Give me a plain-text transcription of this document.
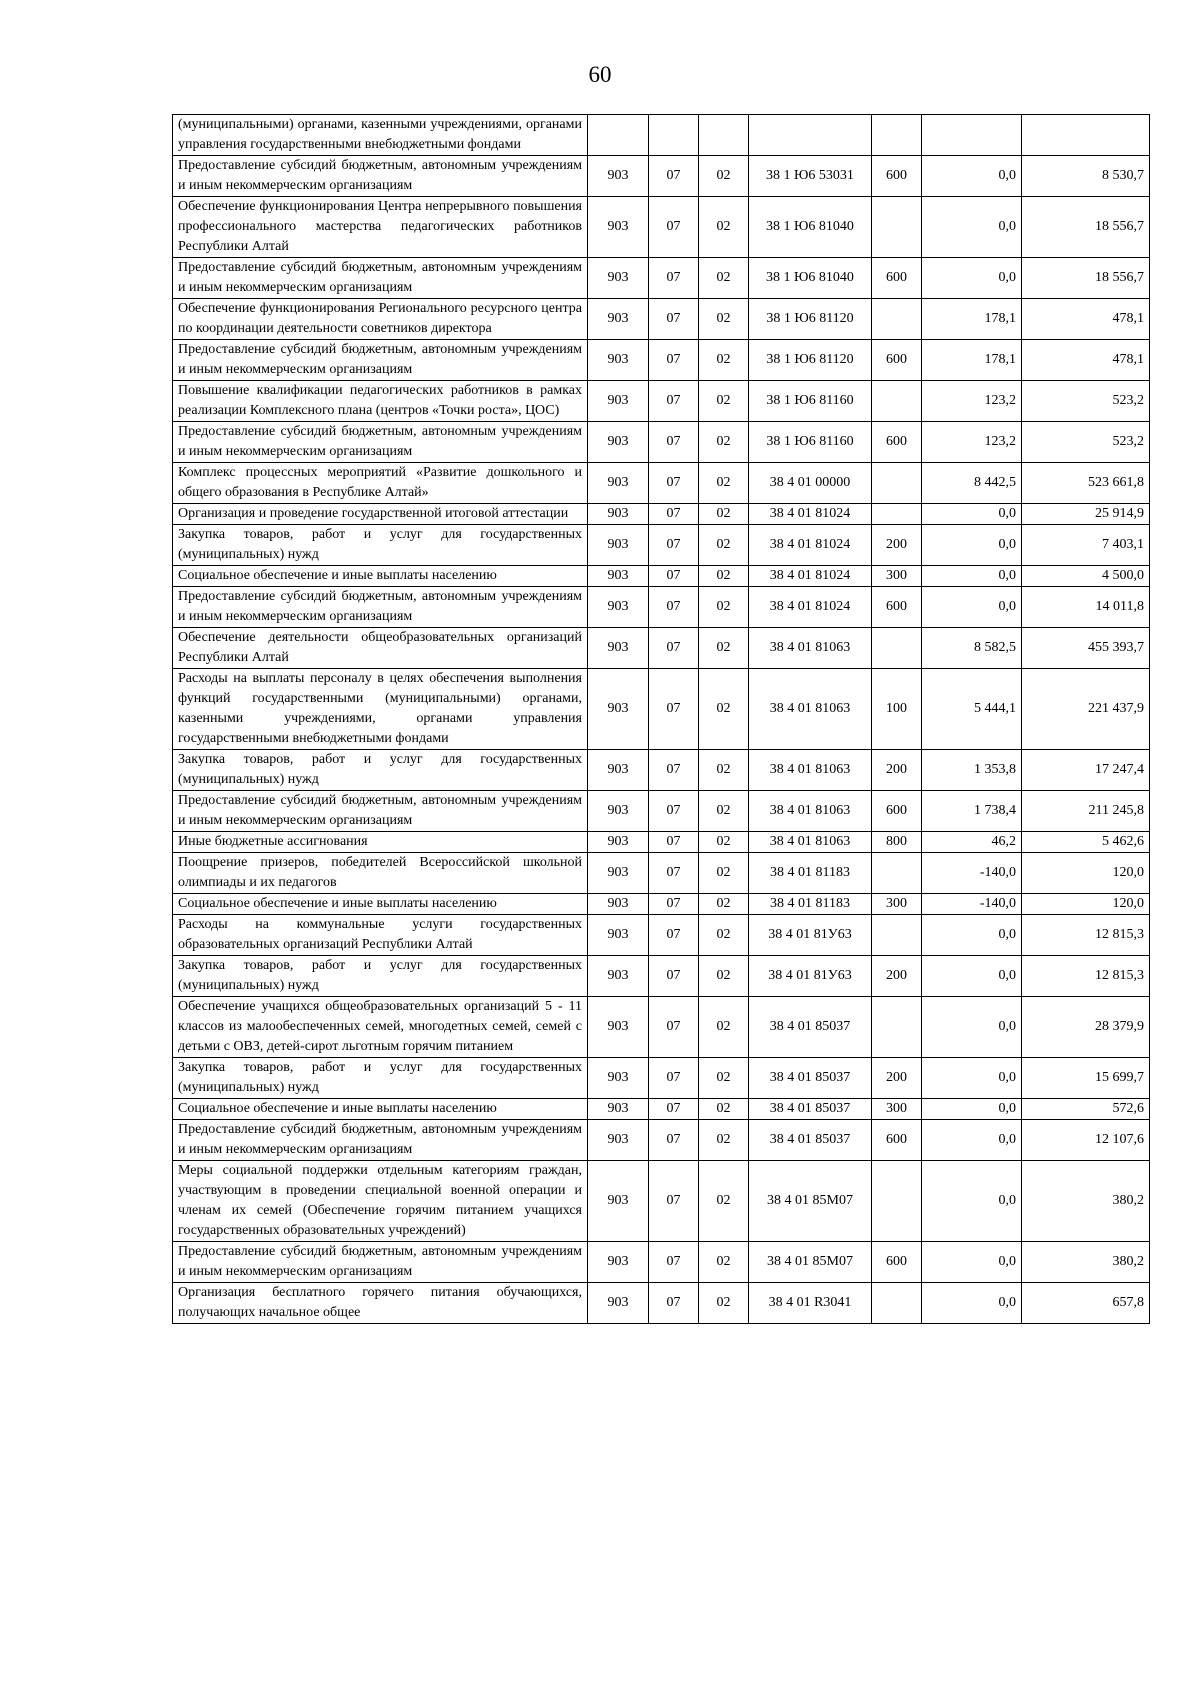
60
(муниципальными) органами, казенными учреждениями, органами управления государственными внебюджетными фондами							
Предоставление субсидий бюджетным, автономным учреждениям и иным некоммерческим организациям	903	07	02	38 1 Ю6 53031	600	0,0	8 530,7
Обеспечение функционирования Центра непрерывного повышения профессионального мастерства педагогических работников Республики Алтай	903	07	02	38 1 Ю6 81040		0,0	18 556,7
Предоставление субсидий бюджетным, автономным учреждениям и иным некоммерческим организациям	903	07	02	38 1 Ю6 81040	600	0,0	18 556,7
Обеспечение функционирования Регионального ресурсного центра по координации деятельности советников директора	903	07	02	38 1 Ю6 81120		178,1	478,1
Предоставление субсидий бюджетным, автономным учреждениям и иным некоммерческим организациям	903	07	02	38 1 Ю6 81120	600	178,1	478,1
Повышение квалификации педагогических работников в рамках реализации Комплексного плана (центров «Точки роста», ЦОС)	903	07	02	38 1 Ю6 81160		123,2	523,2
Предоставление субсидий бюджетным, автономным учреждениям и иным некоммерческим организациям	903	07	02	38 1 Ю6 81160	600	123,2	523,2
Комплекс процессных мероприятий «Развитие дошкольного и общего образования в Республике Алтай»	903	07	02	38 4 01 00000		8 442,5	523 661,8
Организация и проведение государственной итоговой аттестации	903	07	02	38 4 01 81024		0,0	25 914,9
Закупка товаров, работ и услуг для государственных (муниципальных) нужд	903	07	02	38 4 01 81024	200	0,0	7 403,1
Социальное обеспечение и иные выплаты населению	903	07	02	38 4 01 81024	300	0,0	4 500,0
Предоставление субсидий бюджетным, автономным учреждениям и иным некоммерческим организациям	903	07	02	38 4 01 81024	600	0,0	14 011,8
Обеспечение деятельности общеобразовательных организаций Республики Алтай	903	07	02	38 4 01 81063		8 582,5	455 393,7
Расходы на выплаты персоналу в целях обеспечения выполнения функций государственными (муниципальными) органами, казенными учреждениями, органами управления государственными внебюджетными фондами	903	07	02	38 4 01 81063	100	5 444,1	221 437,9
Закупка товаров, работ и услуг для государственных (муниципальных) нужд	903	07	02	38 4 01 81063	200	1 353,8	17 247,4
Предоставление субсидий бюджетным, автономным учреждениям и иным некоммерческим организациям	903	07	02	38 4 01 81063	600	1 738,4	211 245,8
Иные бюджетные ассигнования	903	07	02	38 4 01 81063	800	46,2	5 462,6
Поощрение призеров, победителей Всероссийской школьной олимпиады и их педагогов	903	07	02	38 4 01 81183		-140,0	120,0
Социальное обеспечение и иные выплаты населению	903	07	02	38 4 01 81183	300	-140,0	120,0
Расходы на коммунальные услуги государственных образовательных организаций Республики Алтай	903	07	02	38 4 01 81У63		0,0	12 815,3
Закупка товаров, работ и услуг для государственных (муниципальных) нужд	903	07	02	38 4 01 81У63	200	0,0	12 815,3
Обеспечение учащихся общеобразовательных организаций 5 - 11 классов из малообеспеченных семей, многодетных семей, семей с детьми с ОВЗ, детей-сирот льготным горячим питанием	903	07	02	38 4 01 85037		0,0	28 379,9
Закупка товаров, работ и услуг для государственных (муниципальных) нужд	903	07	02	38 4 01 85037	200	0,0	15 699,7
Социальное обеспечение и иные выплаты населению	903	07	02	38 4 01 85037	300	0,0	572,6
Предоставление субсидий бюджетным, автономным учреждениям и иным некоммерческим организациям	903	07	02	38 4 01 85037	600	0,0	12 107,6
Меры социальной поддержки отдельным категориям граждан, участвующим в проведении специальной военной операции и членам их семей (Обеспечение горячим питанием учащихся государственных образовательных учреждений)	903	07	02	38 4 01 85М07		0,0	380,2
Предоставление субсидий бюджетным, автономным учреждениям и иным некоммерческим организациям	903	07	02	38 4 01 85М07	600	0,0	380,2
Организация бесплатного горячего питания обучающихся, получающих начальное общее	903	07	02	38 4 01 R3041		0,0	657,8
